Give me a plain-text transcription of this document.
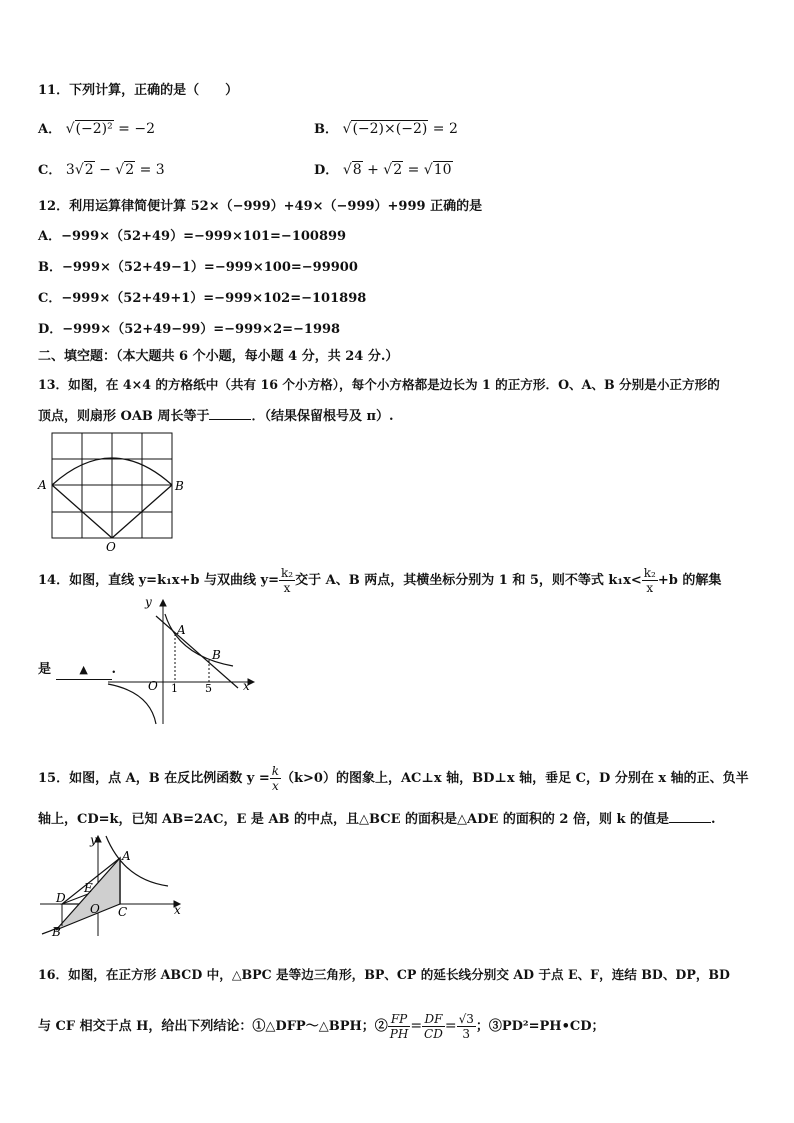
11．下列计算，正确的是（　　）
A． √(−2)² = −2	B． √(−2)×(−2) = 2
C． 3√2 − √2 = 3	D． √8 + √2 = √10
12．利用运算律简便计算 52×（−999）+49×（−999）+999 正确的是
A．−999×（52+49）=−999×101=−100899
B．−999×（52+49−1）=−999×100=−99900
C．−999×（52+49+1）=−999×102=−101898
D．−999×（52+49−99）=−999×2=−1998
二、填空题：（本大题共 6 个小题，每小题 4 分，共 24 分.）
13．如图，在 4×4 的方格纸中（共有 16 个小方格），每个小方格都是边长为 1 的正方形．O、A、B 分别是小正方形的
顶点，则扇形 OAB 周长等于	．（结果保留根号及 π）.
A	B
O
14．如图，直线 y=k₁x+b 与双曲线 $y= \frac{\text{k₂}}{x}$ 交于 A、B 两点，其横坐标分别为 1 和 5，则不等式 $k_1x< \frac{\text{k₂}}{x} +b$ 的解集
是	▲ .
y
x
O
A
B
1 5
15．如图，点 A，B 在反比例函数 $y = \frac{k}{x} (k>0)$的图象上，AC⊥x 轴，BD⊥x 轴，垂足 C，D 分别在 x 轴的正、负半
轴上，CD=k，已知 AB=2AC，E 是 AB 的中点，且△BCE 的面积是△ADE 的面积的 2 倍，则 k 的值是	.
y
x
A
B
C
D
E
O
16．如图，在正方形 ABCD 中，△BPC 是等边三角形，BP、CP 的延长线分别交 AD 于点 E、F，连结 BD、DP，BD
与 CF 相交于点 H，给出下列结论：①△DFP～△BPH；② $\frac{FP}{PH} = \frac{DF}{CD} = \frac{√3}{3}$ ；③PD²=PH•CD；
